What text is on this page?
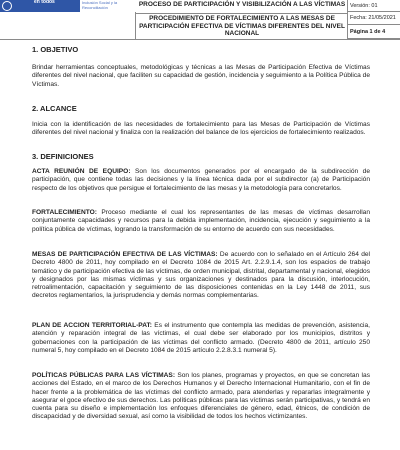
en todos	Inclusión Social y la Reconciliación	PROCESO DE PARTICIPACIÓN Y VISIBILIZACIÓN A LAS VÍCTIMAS
PROCEDIMIENTO DE FORTALECIMIENTO A LAS MESAS DE PARTICIPACIÓN EFECTIVA DE VÍCTIMAS DIFERENTES DEL NIVEL NACIONAL
Versión: 01
Fecha: 21/05/2021
Página 1 de 4
1. OBJETIVO

Brindar herramientas conceptuales, metodológicas y técnicas a las Mesas de Participación Efectiva de Víctimas diferentes del nivel nacional, que faciliten su capacidad de gestión, incidencia y seguimiento a la Política Pública de Víctimas.

2. ALCANCE

Inicia con la identificación de las necesidades de fortalecimiento para las Mesas de Participación de Víctimas diferentes del nivel nacional y finaliza con la realización del balance de los ejercicios de fortalecimiento realizados.

3. DEFINICIONES

ACTA REUNIÓN DE EQUIPO: Son los documentos generados por el encargado de la subdirección de participación, que contiene todas las decisiones y la línea técnica dada por el subdirector (a) de Participación respecto de los objetivos que persigue el fortalecimiento de las mesas y la metodología para concretarlos.

FORTALECIMIENTO: Proceso mediante el cual los representantes de las mesas de víctimas desarrollan conjuntamente capacidades y recursos para la debida implementación, incidencia, ejecución y seguimiento a la política pública de víctimas, logrando la transformación de su entorno de acuerdo con sus necesidades.

MESAS DE PARTICIPACIÓN EFECTIVA DE LAS VÍCTIMAS: De acuerdo con lo señalado en el Artículo 264 del Decreto 4800 de 2011, hoy compilado en el Decreto 1084 de 2015 Art. 2.2.9.1.4, son los espacios de trabajo temático y de participación efectiva de las víctimas, de orden municipal, distrital, departamental y nacional, elegidos y designados por las mismas víctimas y sus organizaciones y destinados para la discusión, interlocución, retroalimentación, capacitación y seguimiento de las disposiciones contenidas en la Ley 1448 de 2011, sus decretos reglamentarios, la jurisprudencia y demás normas complementarias.

PLAN DE ACCION TERRITORIAL-PAT: Es el instrumento que contempla las medidas de prevención, asistencia, atención y reparación integral de las víctimas, el cual debe ser elaborado por los municipios, distritos y gobernaciones con la participación de las víctimas del conflicto armado. (Decreto 4800 de 2011, artículo 250 numeral 5, hoy compilado en el Decreto 1084 de 2015 artículo 2.2.8.3.1 numeral 5).

POLÍTICAS PÚBLICAS PARA LAS VÍCTIMAS: Son los planes, programas y proyectos, en que se concretan las acciones del Estado, en el marco de los Derechos Humanos y el Derecho Internacional Humanitario, con el fin de hacer frente a la problemática de las víctimas del conflicto armado, para atenderlas y repararlas integralmente y asegurar el goce efectivo de sus derechos. Las políticas públicas para las víctimas serán participativas, y tendrá en cuenta para su diseño e implementación los enfoques diferenciales de género, edad, étnicos, de condición de discapacidad y de diversidad sexual, así como la visibilidad de todos los hechos victimizantes.
